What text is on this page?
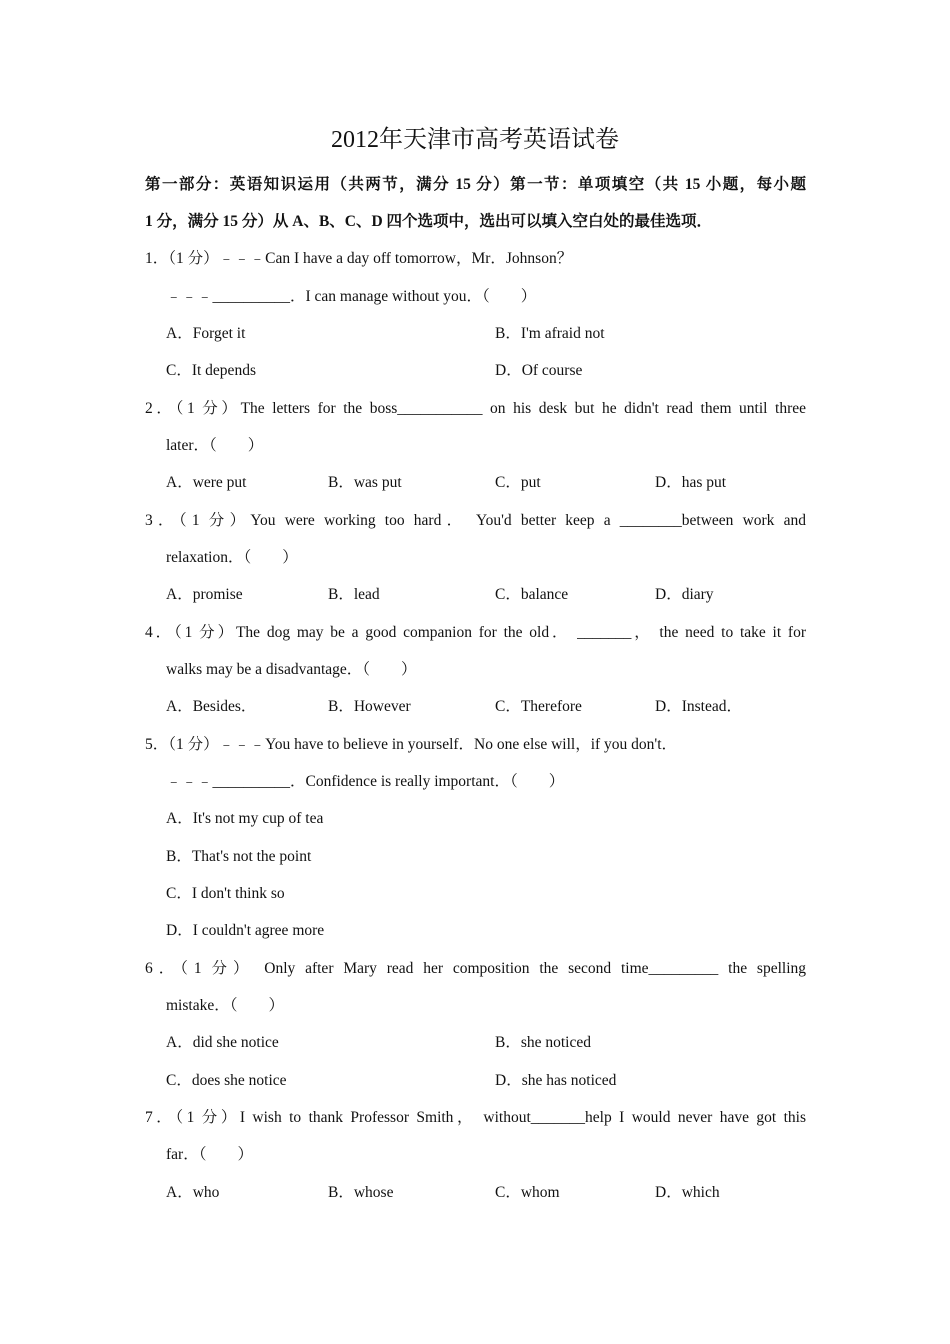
2012年天津市高考英语试卷
第一部分：英语知识运用（共两节，满分 15 分）第一节：单项填空（共 15 小题，每小题
1 分，满分 15 分）从 A、B、C、D 四个选项中，选出可以填入空白处的最佳选项．
1．（1 分）﹣﹣﹣Can I have a day off tomorrow，Mr．Johnson？
﹣﹣﹣__________．I can manage without you．（　　）
A．Forget it	B．I'm afraid not
C．It depends	D．Of course
2．（1 分）The letters for the boss___________ on his desk but he didn't read them until three
later．（　　）
A．were put	B．was put	C．put	D．has put
3．（1 分）You were working too hard． You'd better keep a ________between work and
relaxation．（　　）
A．promise	B．lead	C．balance	D．diary
4．（1 分）The dog may be a good companion for the old． _______， the need to take it for
walks may be a disadvantage．（　　）
A．Besides．	B．However	C．Therefore	D．Instead．
5．（1 分）﹣﹣﹣You have to believe in yourself．No one else will，if you don't．
﹣﹣﹣__________．Confidence is really important．（　　）
A．It's not my cup of tea
B．That's not the point
C．I don't think so
D．I couldn't agree more
6．（1 分） Only after Mary read her composition the second time_________ the spelling
mistake．（　　）
A．did she notice	B．she noticed
C．does she notice	D．she has noticed
7．（1 分）I wish to thank Professor Smith， without_______help I would never have got this
far．（　　）
A．who	B．whose	C．whom	D．which
